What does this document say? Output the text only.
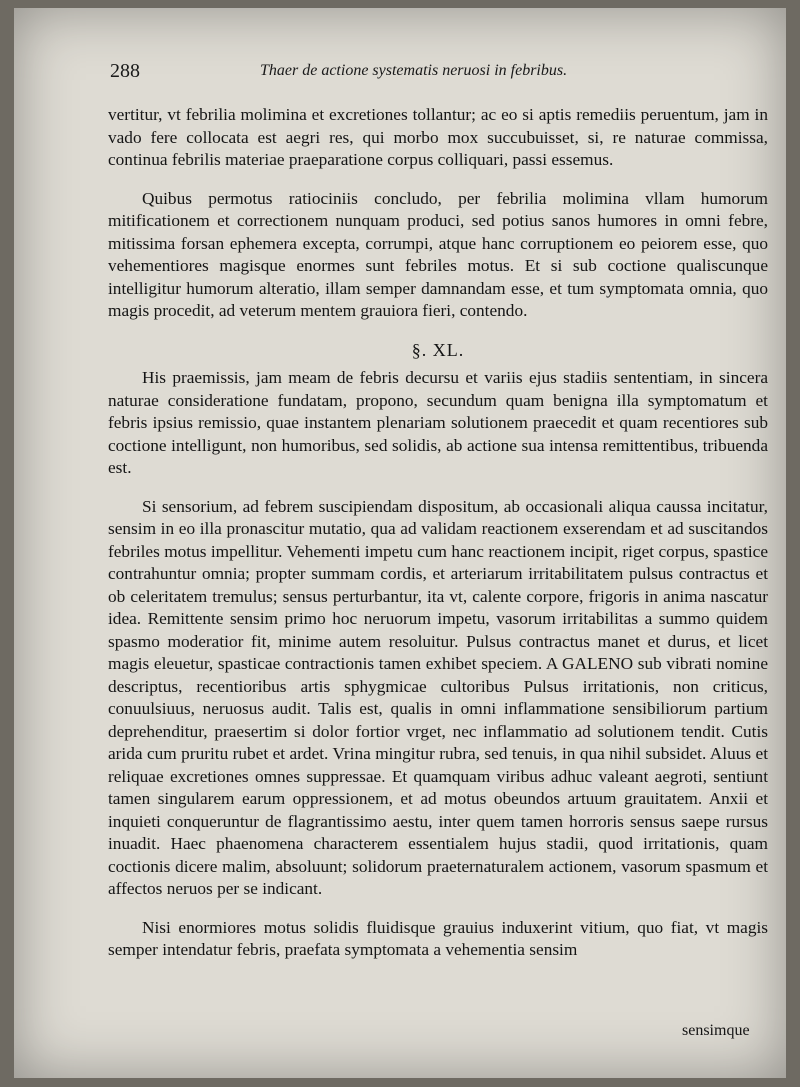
288	Thaer de actione systematis neruosi in febribus.

vertitur, vt febrilia molimina et excretiones tollantur; ac eo si aptis remediis peruentum, jam in vado fere collocata est aegri res, qui morbo mox succubuisset, si, re naturae commissa, continua febrilis materiae praeparatione corpus colliquari, passi essemus.

Quibus permotus ratiociniis concludo, per febrilia molimina vllam humorum mitificationem et correctionem nunquam produci, sed potius sanos humores in omni febre, mitissima forsan ephemera excepta, corrumpi, atque hanc corruptionem eo peiorem esse, quo vehementiores magisque enormes sunt febriles motus. Et si sub coctione qualiscunque intelligitur humorum alteratio, illam semper damnandam esse, et tum symptomata omnia, quo magis procedit, ad veterum mentem grauiora fieri, contendo.

§. XL.

His praemissis, jam meam de febris decursu et variis ejus stadiis sententiam, in sincera naturae consideratione fundatam, propono, secundum quam benigna illa symptomatum et febris ipsius remissio, quae instantem plenariam solutionem praecedit et quam recentiores sub coctione intelligunt, non humoribus, sed solidis, ab actione sua intensa remittentibus, tribuenda est.

Si sensorium, ad febrem suscipiendam dispositum, ab occasionali aliqua caussa incitatur, sensim in eo illa pronascitur mutatio, qua ad validam reactionem exserendam et ad suscitandos febriles motus impellitur. Vehementi impetu cum hanc reactionem incipit, riget corpus, spastice contrahuntur omnia; propter summam cordis, et arteriarum irritabilitatem pulsus contractus et ob celeritatem tremulus; sensus perturbantur, ita vt, calente corpore, frigoris in anima nascatur idea. Remittente sensim primo hoc neruorum impetu, vasorum irritabilitas a summo quidem spasmo moderatior fit, minime autem resoluitur. Pulsus contractus manet et durus, et licet magis eleuetur, spasticae contractionis tamen exhibet speciem. A GALENO sub vibrati nomine descriptus, recentioribus artis sphygmicae cultoribus Pulsus irritationis, non criticus, conuulsiuus, neruosus audit. Talis est, qualis in omni inflammatione sensibiliorum partium deprehenditur, praesertim si dolor fortior vrget, nec inflammatio ad solutionem tendit. Cutis arida cum pruritu rubet et ardet. Vrina mingitur rubra, sed tenuis, in qua nihil subsidet. Aluus et reliquae excretiones omnes suppressae. Et quamquam viribus adhuc valeant aegroti, sentiunt tamen singularem earum oppressionem, et ad motus obeundos artuum grauitatem. Anxii et inquieti conqueruntur de flagrantissimo aestu, inter quem tamen horroris sensus saepe rursus inuadit. Haec phaenomena characterem essentialem hujus stadii, quod irritationis, quam coctionis dicere malim, absoluunt; solidorum praeternaturalem actionem, vasorum spasmum et affectos neruos per se indicant.

Nisi enormiores motus solidis fluidisque grauius induxerint vitium, quo fiat, vt magis semper intendatur febris, praefata symptomata a vehementia sensim

sensimque
